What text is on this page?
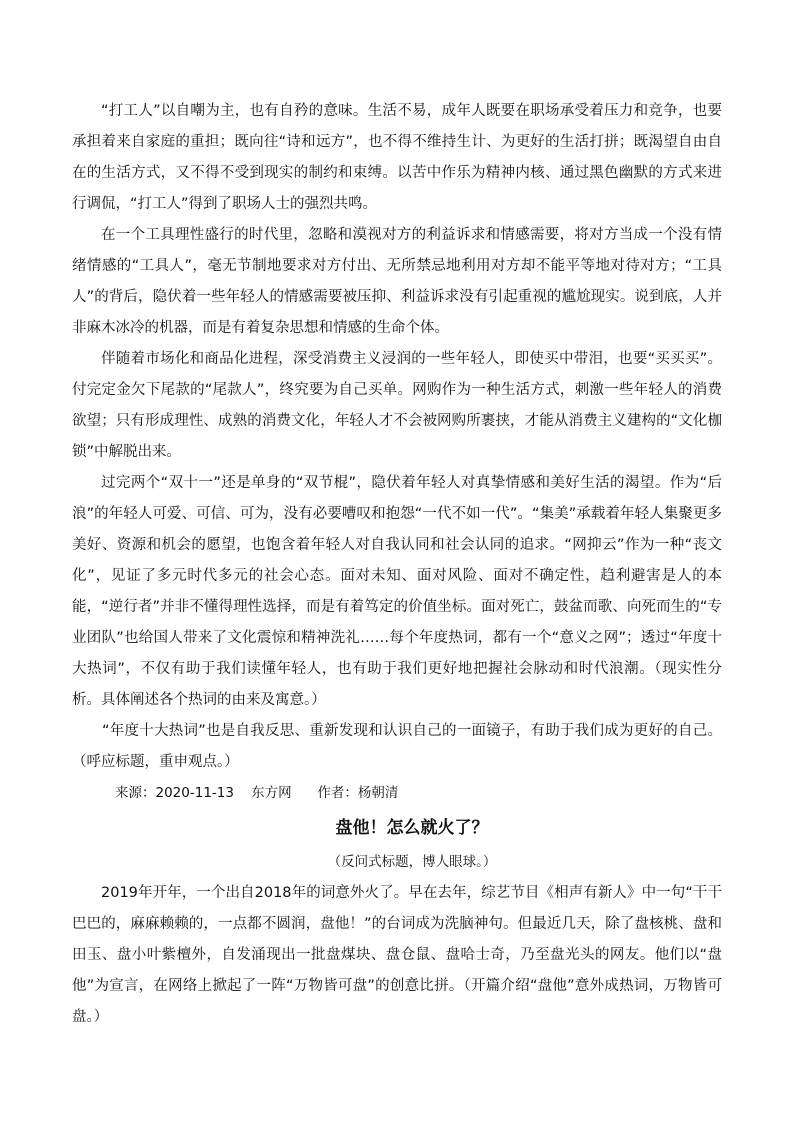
“打工人”以自嘲为主，也有自矜的意味。生活不易，成年人既要在职场承受着压力和竞争，也要承担着来自家庭的重担；既向往“诗和远方”，也不得不维持生计、为更好的生活打拼；既渴望自由自在的生活方式，又不得不受到现实的制约和束缚。以苦中作乐为精神内核、通过黑色幽默的方式来进行调侃，“打工人”得到了职场人士的强烈共鸣。

在一个工具理性盛行的时代里，忽略和漠视对方的利益诉求和情感需要，将对方当成一个没有情绪情感的“工具人”，毫无节制地要求对方付出、无所禁忌地利用对方却不能平等地对待对方；“工具人”的背后，隐伏着一些年轻人的情感需要被压抑、利益诉求没有引起重视的尴尬现实。说到底，人并非麻木冰冷的机器，而是有着复杂思想和情感的生命个体。

伴随着市场化和商品化进程，深受消费主义浸润的一些年轻人，即使买中带泪，也要“买买买”。付完定金欠下尾款的“尾款人”，终究要为自己买单。网购作为一种生活方式，刺激一些年轻人的消费欲望；只有形成理性、成熟的消费文化，年轻人才不会被网购所裹挟，才能从消费主义建构的“文化枷锁”中解脱出来。

过完两个“双十一”还是单身的“双节棍”，隐伏着年轻人对真挚情感和美好生活的渴望。作为“后浪”的年轻人可爱、可信、可为，没有必要嘈叹和抱怨“一代不如一代”。“集美”承载着年轻人集聚更多美好、资源和机会的愿望，也饱含着年轻人对自我认同和社会认同的追求。“网抑云”作为一种“丧文化”，见证了多元时代多元的社会心态。面对未知、面对风险、面对不确定性，趋利避害是人的本能，“逆行者”并非不懂得理性选择，而是有着笃定的价值坐标。面对死亡，鼓盆而歌、向死而生的“专业团队”也给国人带来了文化震惊和精神洗礼……每个年度热词，都有一个“意义之网”；透过“年度十大热词”，不仅有助于我们读懂年轻人，也有助于我们更好地把握社会脉动和时代浪潮。（现实性分析。具体阐述各个热词的由来及寓意。）

“年度十大热词”也是自我反思、重新发现和认识自己的一面镜子，有助于我们成为更好的自己。（呼应标题，重申观点。）

来源：2020-11-13    东方网      作者：杨朝清

盘他！怎么就火了？

（反问式标题，博人眼球。）

2019年开年，一个出自2018年的词意外火了。早在去年，综艺节目《相声有新人》中一句“干干巴巴的，麻麻赖赖的，一点都不圆润，盘他！”的台词成为洗脑神句。但最近几天，除了盘核桃、盘和田玉、盘小叶紫檀外，自发涌现出一批盘煤块、盘仓鼠、盘哈士奇，乃至盘光头的网友。他们以“盘他”为宣言，在网络上掀起了一阵“万物皆可盘”的创意比拼。（开篇介绍“盘他”意外成热词，万物皆可盘。）
